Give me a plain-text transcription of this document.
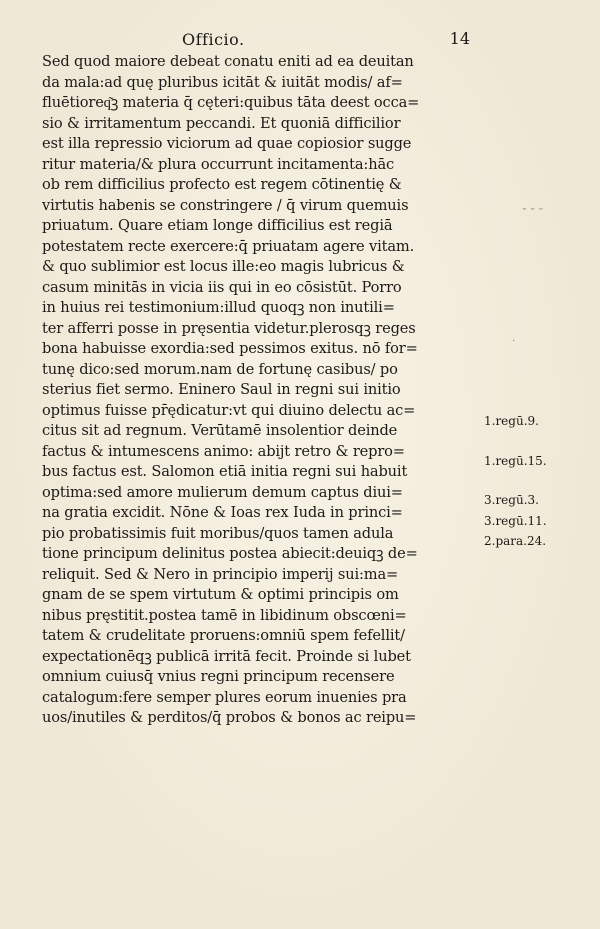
Officio.	14
Sed quod maiore debeat conatu eniti ad ea deuitan
da mala:ad quę pluribus icitāt & iuitāt modis/ af=
fluētioreq͂ꝫ materia q̄ cęteri:quibus tāta deest occa=
sio & irritamentum peccandi. Et quoniā difficilior
est illa repressio viciorum ad quae copiosior sugge
ritur materia/& plura occurrunt incitamenta:hāc
ob rem difficilius profecto est regem cōtinentię &
virtutis habenis se constringere / q̄ virum quemuis
priuatum. Quare etiam longe difficilius est regiā
potestatem recte exercere:q̄ priuatam agere vitam.
& quo sublimior est locus ille:eo magis lubricus &
casum minitās in vicia iis qui in eo cōsistūt. Porro
in huius rei testimonium:illud quoqꝫ non inutili=
ter afferri posse in pręsentia videtur.plerosqꝫ reges
bona habuisse exordia:sed pessimos exitus. nō for=
tunę dico:sed morum.nam de fortunę casibus/ po
sterius fiet sermo. Eninero Saul in regni sui initio
optimus fuisse pr̄ędicatur:vt qui diuino delectu ac=
citus sit ad regnum. Verūtamē insolentior deinde
factus & intumescens animo: abijt retro & repro=
bus factus est. Salomon etiā initia regni sui habuit
optima:sed amore mulierum demum captus diui=
na gratia excidit. Nōne & Ioas rex Iuda in princi=
pio probatissimis fuit moribus/quos tamen adula
tione principum delinitus postea abiecit:deuiqꝫ de=
reliquit. Sed & Nero in principio imperij sui:ma=
gnam de se spem virtutum & optimi principis om
nibus pręstitit.postea tamē in libidinum obscœni=
tatem & crudelitate proruens:omniū spem fefellit/
expectationēqꝫ publicā irritā fecit. Proinde si lubet
omnium cuiusq̄ vnius regni principum recensere
catalogum:fere semper plures eorum inuenies pra
uos/inutiles & perditos/q̄ probos & bonos ac reipu=
1.regū.9.
1.regū.15.
3.regū.3.
3.regū.11.
2.para.24.
˜ ˜ ˜
·
